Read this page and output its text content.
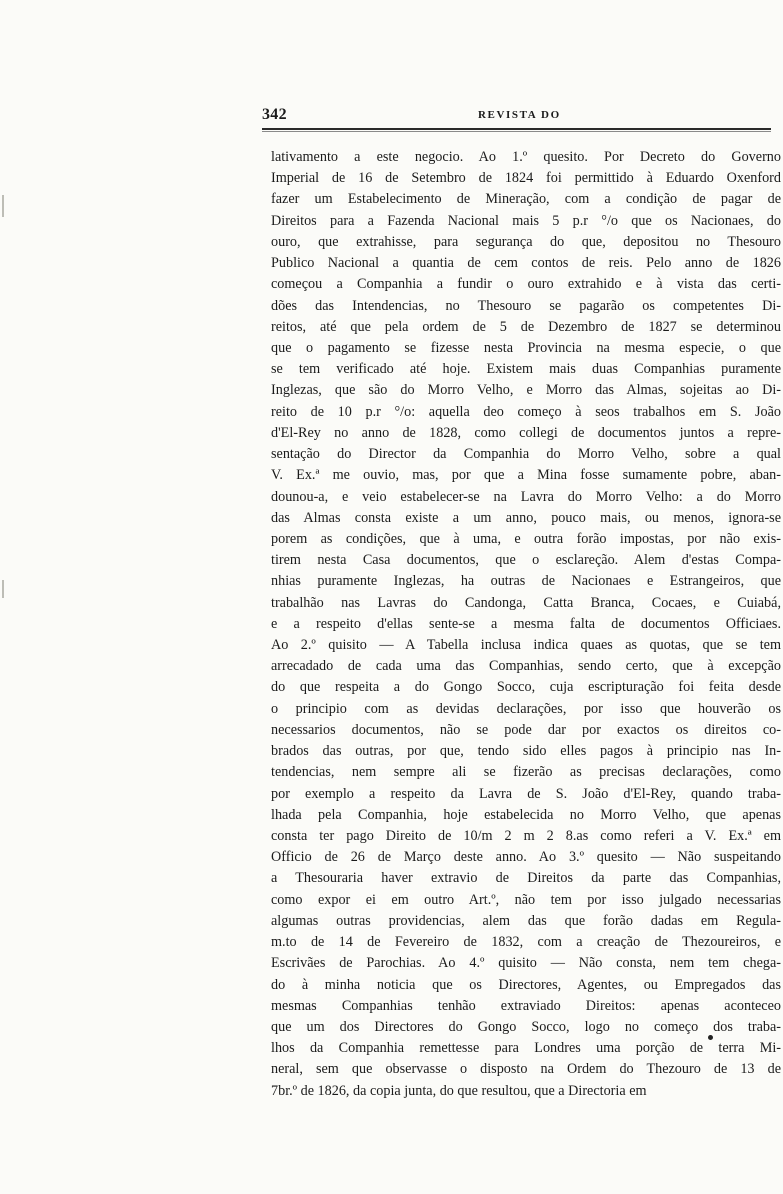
342	REVISTA DO
lativamento a este negocio. Ao 1.º quesito. Por Decreto do Governo
Imperial de 16 de Setembro de 1824 foi permittido à Eduardo Oxenford
fazer um Estabelecimento de Mineração, com a condição de pagar de
Direitos para a Fazenda Nacional mais 5 p.r °/o que os Nacionaes, do
ouro, que extrahisse, para segurança do que, depositou no Thesouro
Publico Nacional a quantia de cem contos de reis. Pelo anno de 1826
começou a Companhia a fundir o ouro extrahido e à vista das certi-
dões das Intendencias, no Thesouro se pagarão os competentes Di-
reitos, até que pela ordem de 5 de Dezembro de 1827 se determinou
que o pagamento se fizesse nesta Provincia na mesma especie, o que
se tem verificado até hoje. Existem mais duas Companhias puramente
Inglezas, que são do Morro Velho, e Morro das Almas, sojeitas ao Di-
reito de 10 p.r °/o: aquella deo começo à seos trabalhos em S. João
d'El-Rey no anno de 1828, como collegi de documentos juntos a repre-
sentação do Director da Companhia do Morro Velho, sobre a qual
V. Ex.ª me ouvio, mas, por que a Mina fosse sumamente pobre, aban-
dounou-a, e veio estabelecer-se na Lavra do Morro Velho: a do Morro
das Almas consta existe a um anno, pouco mais, ou menos, ignora-se
porem as condições, que à uma, e outra forão impostas, por não exis-
tirem nesta Casa documentos, que o esclareção. Alem d'estas Compa-
nhias puramente Inglezas, ha outras de Nacionaes e Estrangeiros, que
trabalhão nas Lavras do Candonga, Catta Branca, Cocaes, e Cuiabá,
e a respeito d'ellas sente-se a mesma falta de documentos Officiaes.
Ao 2.º quisito — A Tabella inclusa indica quaes as quotas, que se tem
arrecadado de cada uma das Companhias, sendo certo, que à excepção
do que respeita a do Gongo Socco, cuja escripturação foi feita desde
o principio com as devidas declarações, por isso que houverão os
necessarios documentos, não se pode dar por exactos os direitos co-
brados das outras, por que, tendo sido elles pagos à principio nas In-
tendencias, nem sempre ali se fizerão as precisas declarações, como
por exemplo a respeito da Lavra de S. João d'El-Rey, quando traba-
lhada pela Companhia, hoje estabelecida no Morro Velho, que apenas
consta ter pago Direito de 10/m 2 m 2 8.as como referi a V. Ex.ª em
Officio de 26 de Março deste anno. Ao 3.º quesito — Não suspeitando
a Thesouraria haver extravio de Direitos da parte das Companhias,
como expor ei em outro Art.º, não tem por isso julgado necessarias
algumas outras providencias, alem das que forão dadas em Regula-
m.to de 14 de Fevereiro de 1832, com a creação de Thezoureiros, e
Escrivães de Parochias. Ao 4.º quisito — Não consta, nem tem chega-
do à minha noticia que os Directores, Agentes, ou Empregados das
mesmas Companhias tenhão extraviado Direitos: apenas aconteceo
que um dos Directores do Gongo Socco, logo no começo dos traba-
lhos da Companhia remettesse para Londres uma porção de terra Mi-
neral, sem que observasse o disposto na Ordem do Thezouro de 13 de
7br.º de 1826, da copia junta, do que resultou, que a Directoria em
